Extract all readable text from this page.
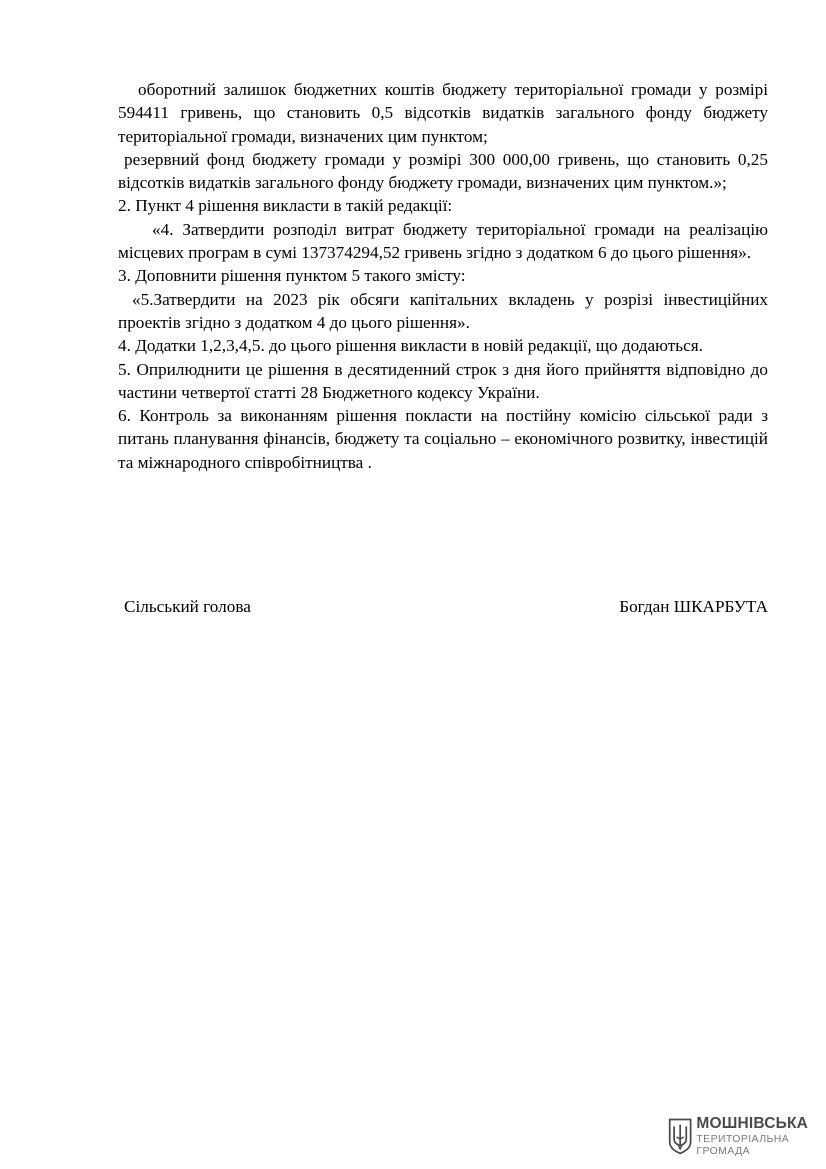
оборотний залишок бюджетних коштів бюджету територіальної громади у розмірі 594411 гривень, що становить 0,5 відсотків видатків загального фонду бюджету територіальної громади, визначених цим пунктом;

резервний фонд бюджету громади у розмірі 300 000,00 гривень, що становить 0,25 відсотків видатків загального фонду бюджету громади, визначених цим пунктом.»;

2. Пункт 4 рішення викласти в такій редакції:

«4. Затвердити розподіл витрат бюджету територіальної громади на реалізацію місцевих програм в сумі 137374294,52 гривень згідно з додатком 6 до цього рішення».

3. Доповнити рішення пунктом 5 такого змісту:

«5.Затвердити на 2023 рік обсяги капітальних вкладень у розрізі інвестиційних проектів згідно з додатком 4 до цього рішення».

4. Додатки 1,2,3,4,5. до цього рішення викласти в новій редакції, що додаються.

5. Оприлюднити це рішення в десятиденний строк з дня його прийняття відповідно до частини четвертої статті 28 Бюджетного кодексу України.

6. Контроль за виконанням рішення покласти на постійну комісію сільської ради з питань планування фінансів, бюджету та соціально – економічного розвитку, інвестицій та міжнародного співробітництва .

Сільський голова	Богдан ШКАРБУТА
МОШНІВСЬКА
ТЕРИТОРІАЛЬНА
ГРОМАДА
